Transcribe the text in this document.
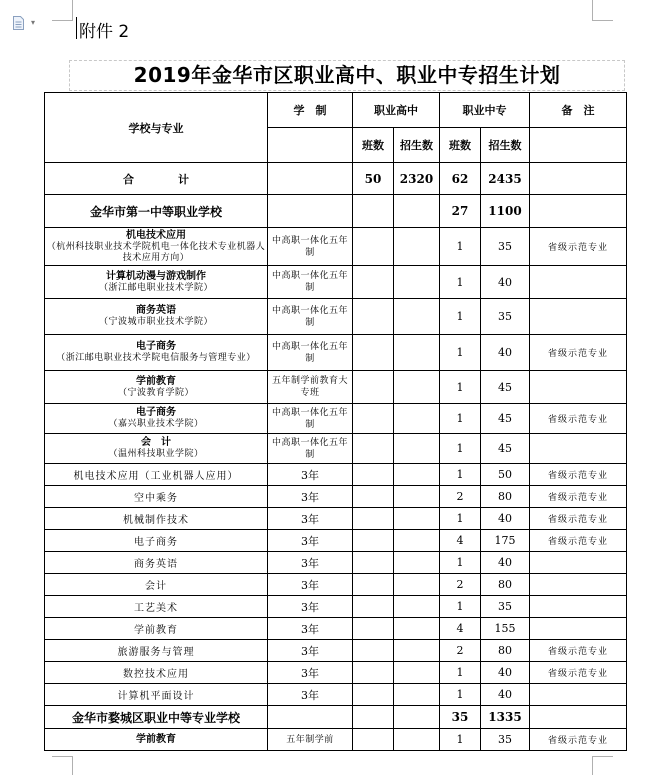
▾	附件 2
2019年金华市区职业高中、职业中专招生计划
学校与专业	学　制	职业高中		职业中专		备　注
		班数	招生数	班数	招生数	
合　　　　计		50	2320	62	2435	
金华市第一中等职业学校				27	1100	

机电技术应用
（杭州科技职业技术学院机电一体化技术专业机器人技术应用方向）	中高职一体化五年制			1	35	省级示范专业

计算机动漫与游戏制作
（浙江邮电职业技术学院）	中高职一体化五年制			1	40	

商务英语
（宁波城市职业技术学院）	中高职一体化五年制			1	35	

电子商务
（浙江邮电职业技术学院电信服务与管理专业）	中高职一体化五年制			1	40	省级示范专业

学前教育
（宁波教育学院）	五年制学前教育大专班			1	45	

电子商务
（嘉兴职业技术学院）	中高职一体化五年制			1	45	省级示范专业

会　计
（温州科技职业学院）	中高职一体化五年制			1	45	
机电技术应用（工业机器人应用）	3年			1	50	省级示范专业
空中乘务	3年			2	80	省级示范专业
机械制作技术	3年			1	40	省级示范专业
电子商务	3年			4	175	省级示范专业
商务英语	3年			1	40	
会计	3年			2	80	
工艺美术	3年			1	35	
学前教育	3年			4	155	
旅游服务与管理	3年			2	80	省级示范专业
数控技术应用	3年			1	40	省级示范专业
计算机平面设计	3年			1	40	
金华市婺城区职业中等专业学校				35	1335	
学前教育	五年制学前			1	35	省级示范专业
